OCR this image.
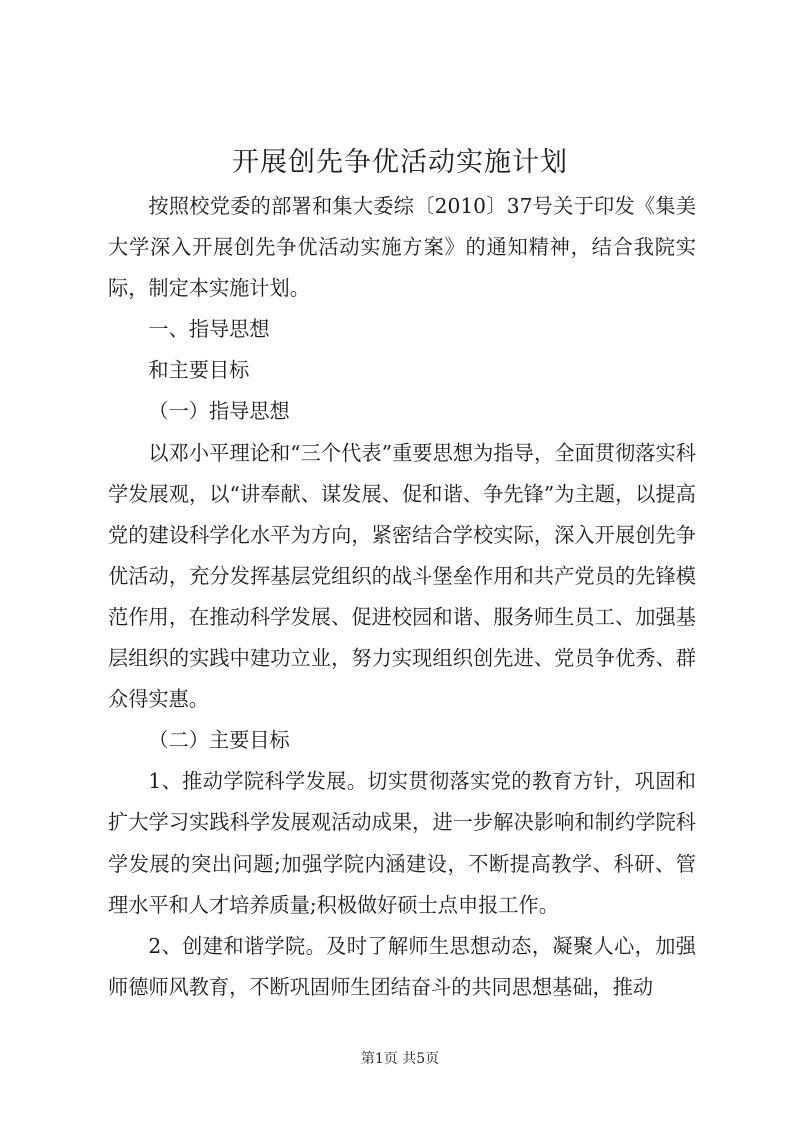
开展创先争优活动实施计划

按照校党委的部署和集大委综〔2010〕37号关于印发《集美大学深入开展创先争优活动实施方案》的通知精神，结合我院实际，制定本实施计划。

一、指导思想

和主要目标

（一）指导思想

以邓小平理论和“三个代表”重要思想为指导，全面贯彻落实科学发展观，以“讲奉献、谋发展、促和谐、争先锋”为主题，以提高党的建设科学化水平为方向，紧密结合学校实际，深入开展创先争优活动，充分发挥基层党组织的战斗堡垒作用和共产党员的先锋模范作用，在推动科学发展、促进校园和谐、服务师生员工、加强基层组织的实践中建功立业，努力实现组织创先进、党员争优秀、群众得实惠。

（二）主要目标

1、推动学院科学发展。切实贯彻落实党的教育方针，巩固和扩大学习实践科学发展观活动成果，进一步解决影响和制约学院科学发展的突出问题;加强学院内涵建设，不断提高教学、科研、管理水平和人才培养质量;积极做好硕士点申报工作。

2、创建和谐学院。及时了解师生思想动态，凝聚人心，加强师德师风教育，不断巩固师生团结奋斗的共同思想基础，推动

第1页 共5页
